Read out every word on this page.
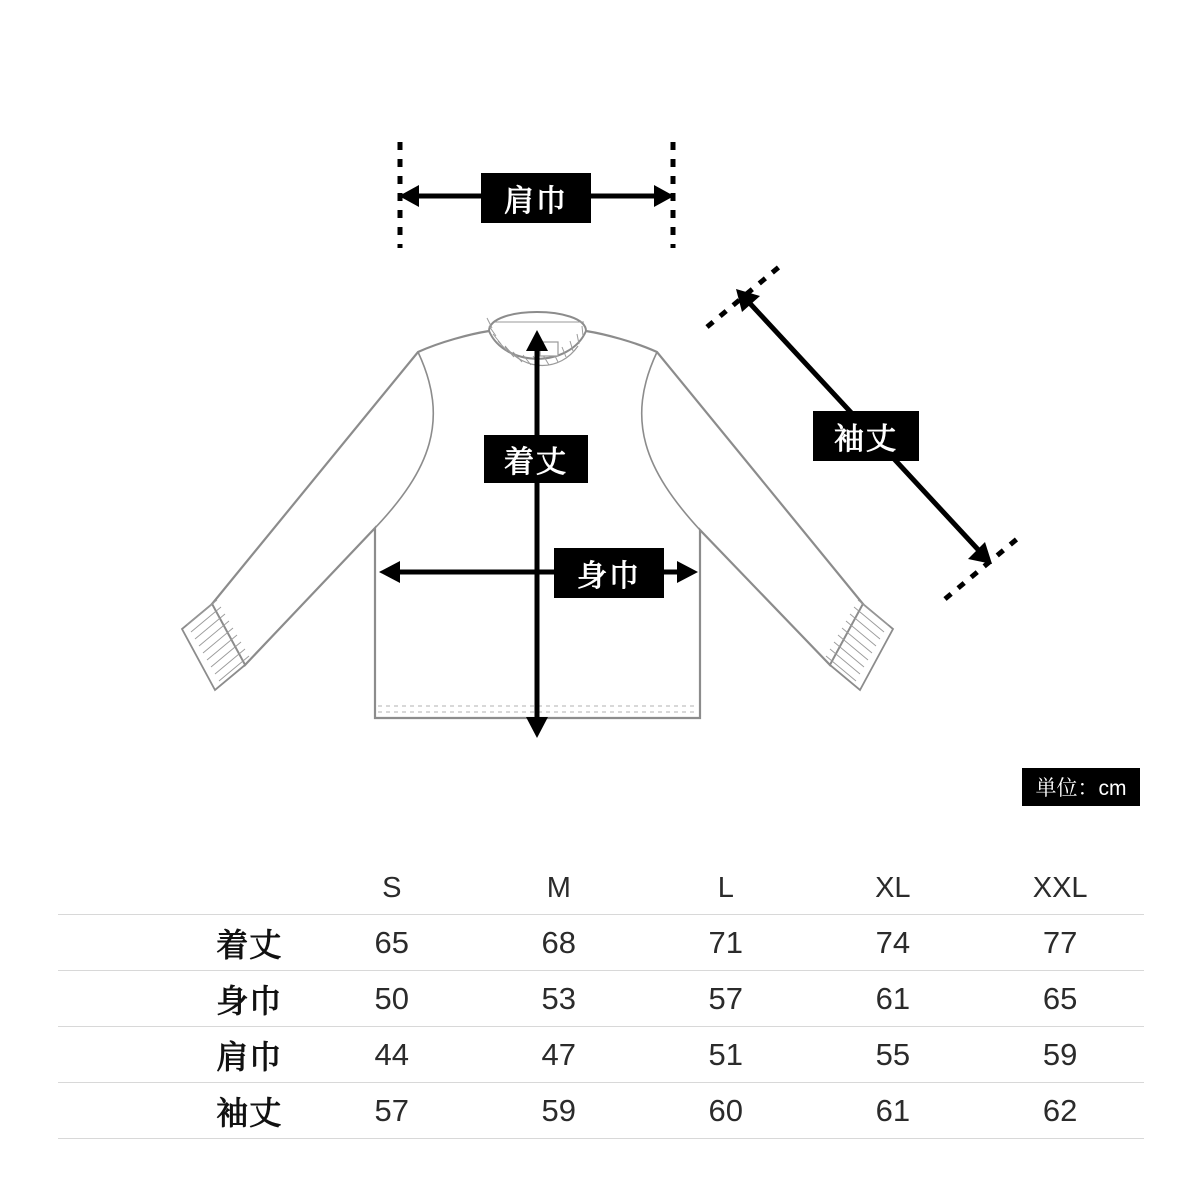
肩巾
着丈
身巾
袖丈
単位：cm
	S	M	L	XL	XXL
着丈	65	68	71	74	77
身巾	50	53	57	61	65
肩巾	44	47	51	55	59
袖丈	57	59	60	61	62
